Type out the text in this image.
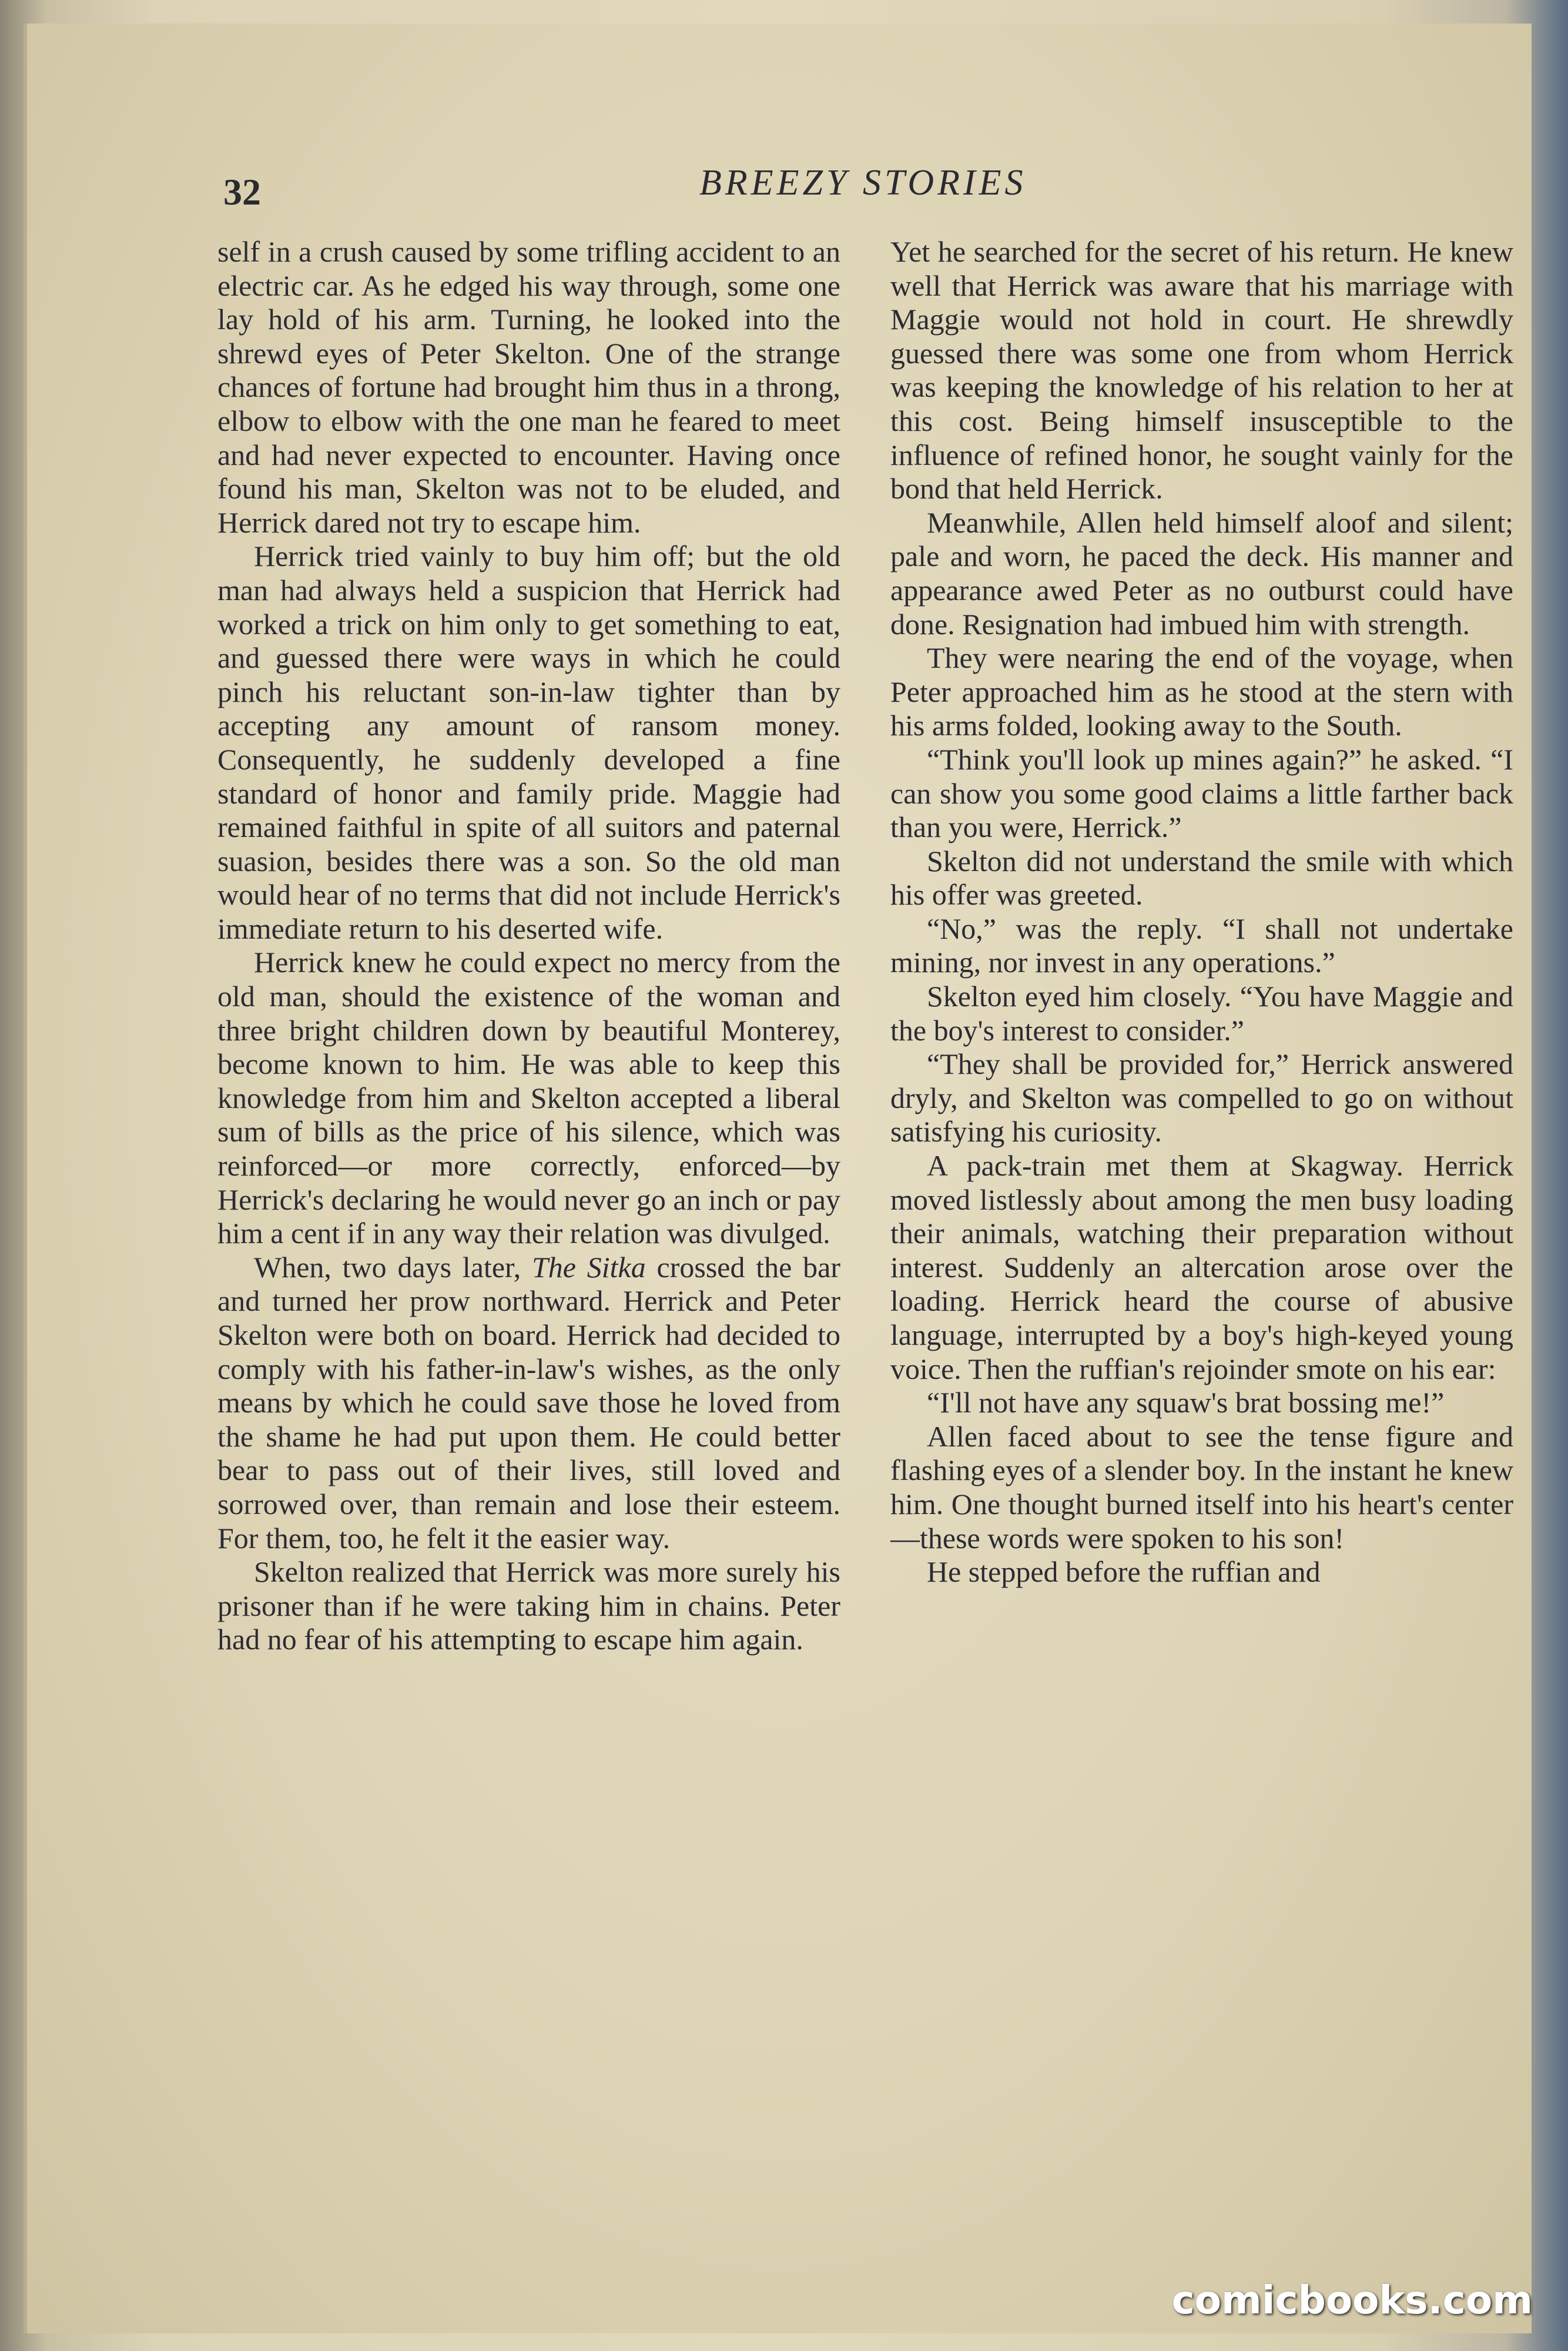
32	BREEZY STORIES

self in a crush caused by some trifling accident to an electric car. As he edged his way through, some one lay hold of his arm. Turning, he looked into the shrewd eyes of Peter Skelton. One of the strange chances of fortune had brought him thus in a throng, elbow to elbow with the one man he feared to meet and had never expected to encounter. Having once found his man, Skelton was not to be eluded, and Herrick dared not try to escape him.

Herrick tried vainly to buy him off; but the old man had always held a suspicion that Herrick had worked a trick on him only to get something to eat, and guessed there were ways in which he could pinch his reluctant son-in-law tighter than by accepting any amount of ransom money. Consequently, he suddenly developed a fine standard of honor and family pride. Maggie had remained faithful in spite of all suitors and paternal suasion, besides there was a son. So the old man would hear of no terms that did not include Herrick's immediate return to his deserted wife.

Herrick knew he could expect no mercy from the old man, should the existence of the woman and three bright children down by beautiful Monterey, become known to him. He was able to keep this knowledge from him and Skelton accepted a liberal sum of bills as the price of his silence, which was reinforced—or more correctly, enforced—by Herrick's declaring he would never go an inch or pay him a cent if in any way their relation was divulged.

When, two days later, The Sitka crossed the bar and turned her prow northward. Herrick and Peter Skelton were both on board. Herrick had decided to comply with his father-in-law's wishes, as the only means by which he could save those he loved from the shame he had put upon them. He could better bear to pass out of their lives, still loved and sorrowed over, than remain and lose their esteem. For them, too, he felt it the easier way.

Skelton realized that Herrick was more surely his prisoner than if he were taking him in chains. Peter had no fear of his attempting to escape him again.

Yet he searched for the secret of his return. He knew well that Herrick was aware that his marriage with Maggie would not hold in court. He shrewdly guessed there was some one from whom Herrick was keeping the knowledge of his relation to her at this cost. Being himself insusceptible to the influence of refined honor, he sought vainly for the bond that held Herrick.

Meanwhile, Allen held himself aloof and silent; pale and worn, he paced the deck. His manner and appearance awed Peter as no outburst could have done. Resignation had imbued him with strength.

They were nearing the end of the voyage, when Peter approached him as he stood at the stern with his arms folded, looking away to the South.

“Think you'll look up mines again?” he asked. “I can show you some good claims a little farther back than you were, Herrick.”

Skelton did not understand the smile with which his offer was greeted.

“No,” was the reply. “I shall not undertake mining, nor invest in any operations.”

Skelton eyed him closely. “You have Maggie and the boy's interest to consider.”

“They shall be provided for,” Herrick answered dryly, and Skelton was compelled to go on without satisfying his curiosity.

A pack-train met them at Skagway. Herrick moved listlessly about among the men busy loading their animals, watching their preparation without interest. Suddenly an altercation arose over the loading. Herrick heard the course of abusive language, interrupted by a boy's high-keyed young voice. Then the ruffian's rejoinder smote on his ear:

“I'll not have any squaw's brat bossing me!”

Allen faced about to see the tense figure and flashing eyes of a slender boy. In the instant he knew him. One thought burned itself into his heart's center—these words were spoken to his son!

He stepped before the ruffian and

comicbooks.com
